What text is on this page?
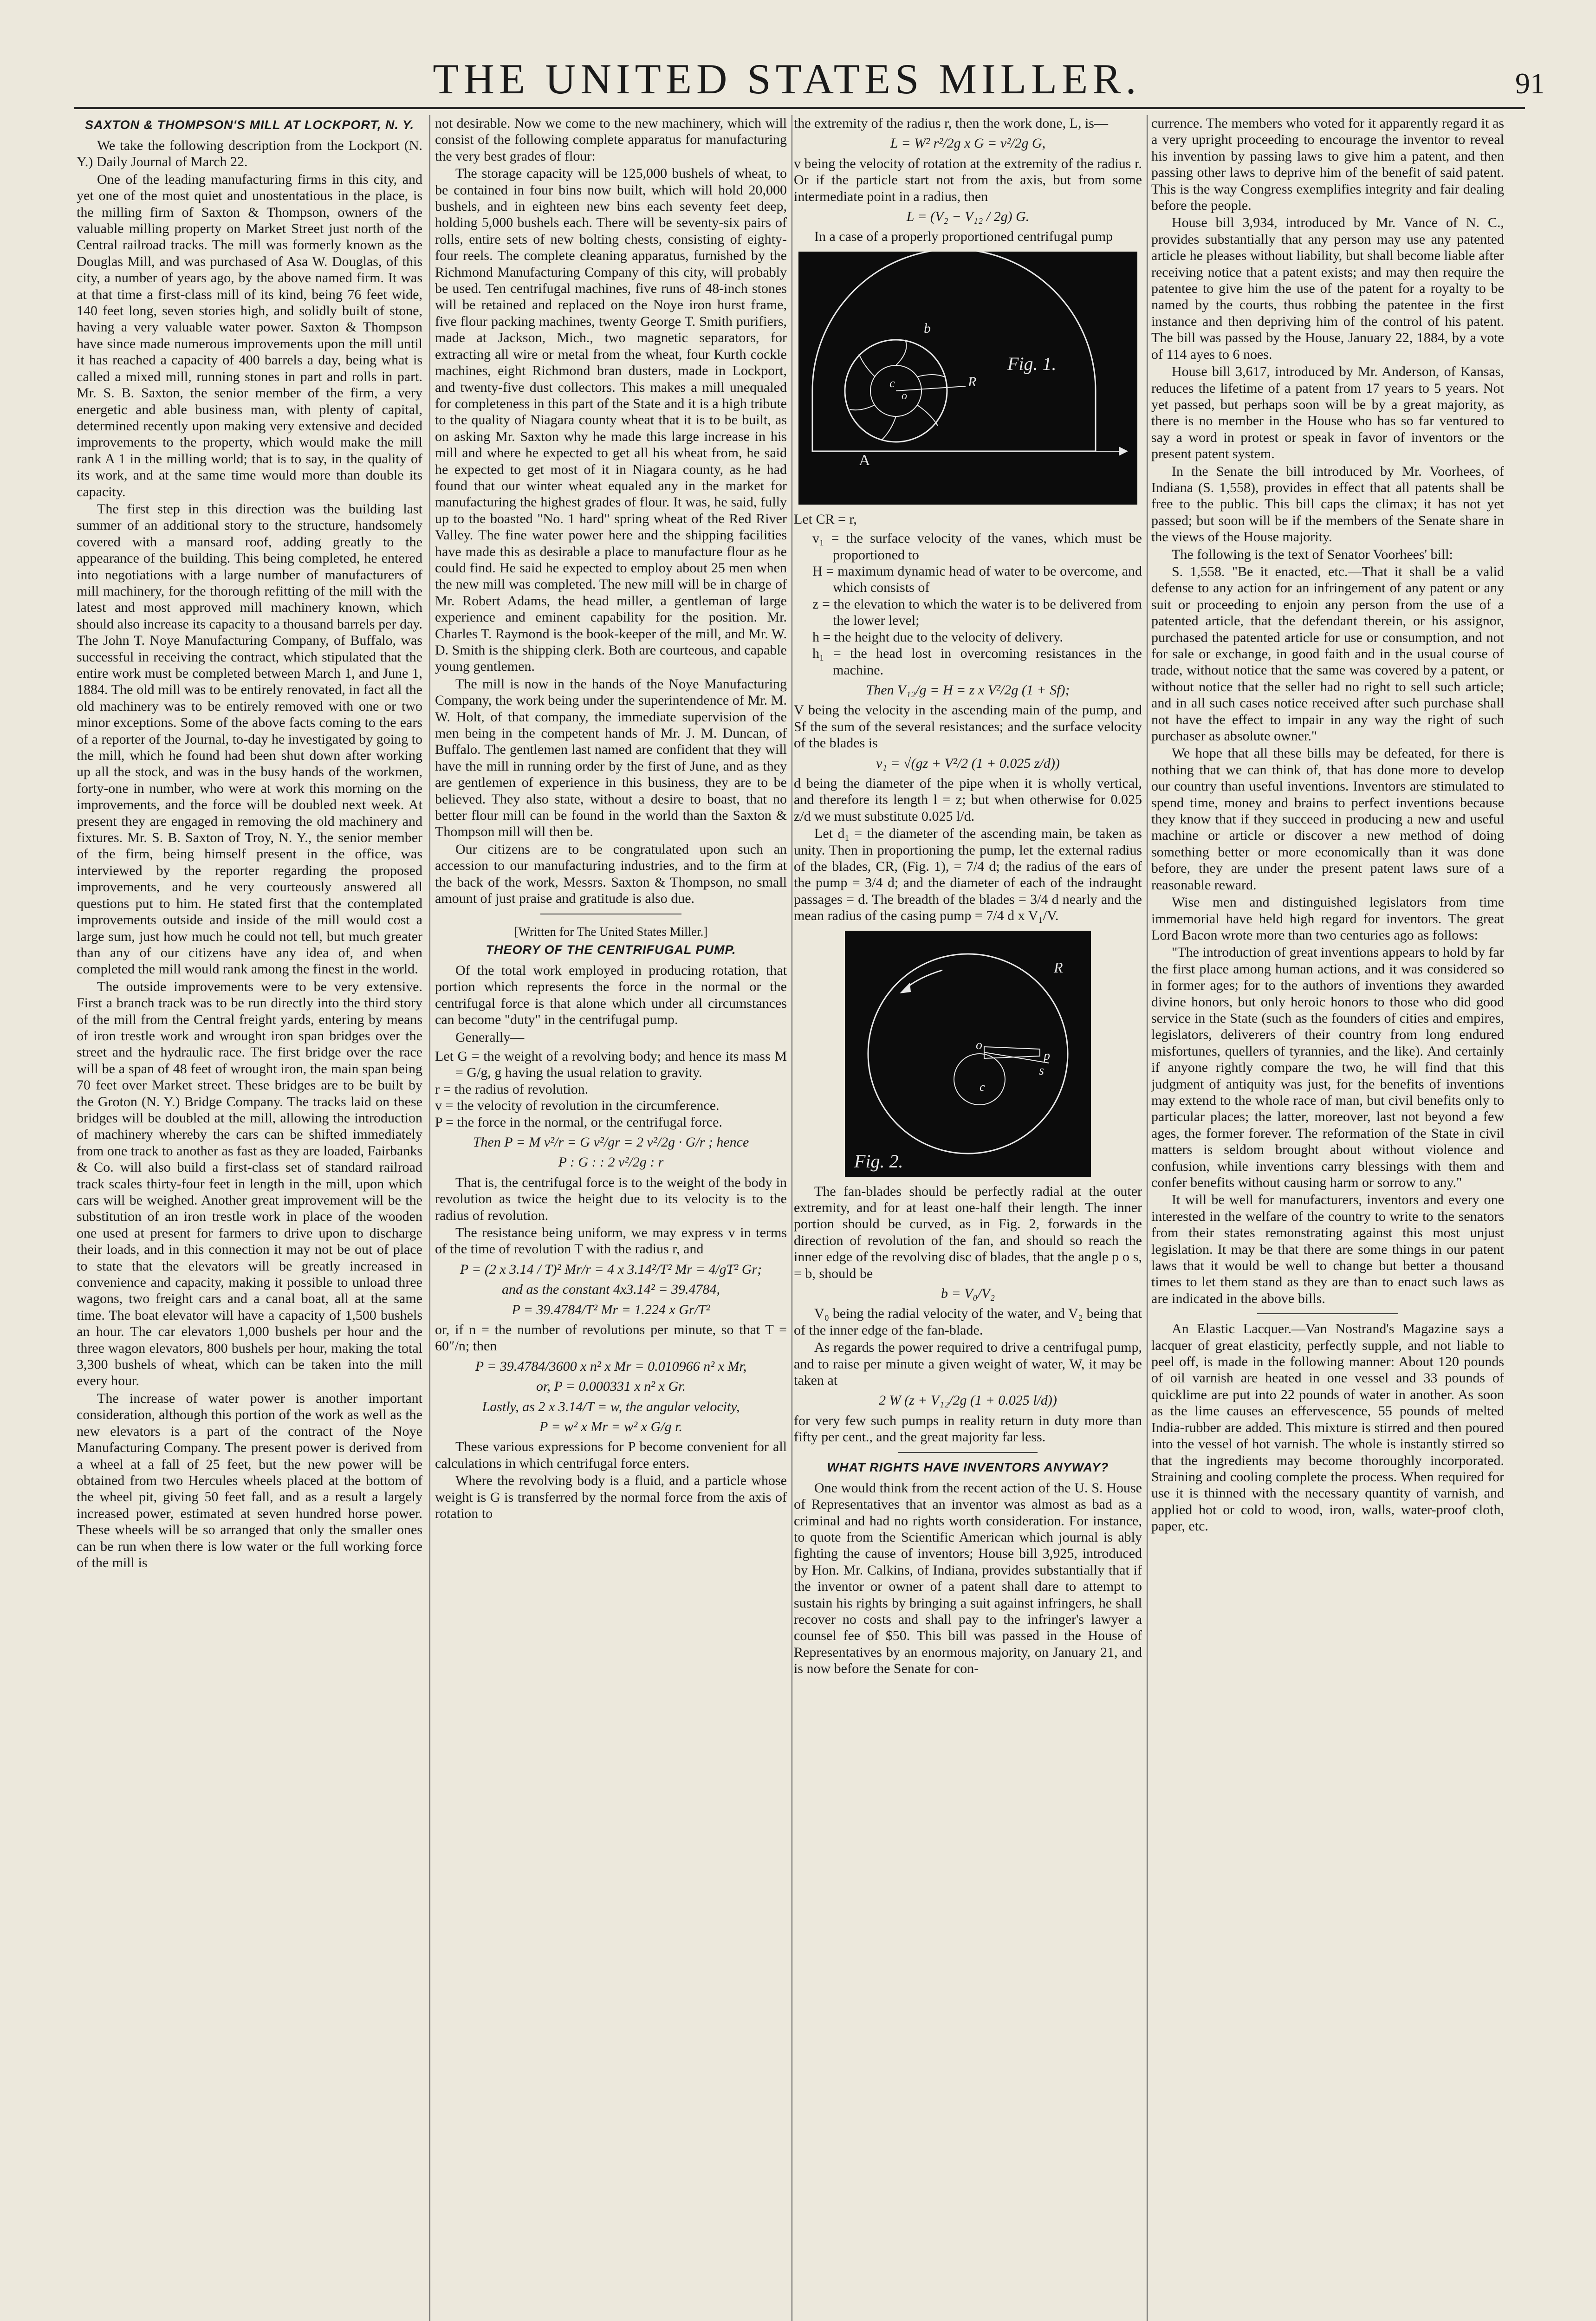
THE UNITED STATES MILLER.	91
SAXTON & THOMPSON'S MILL AT LOCKPORT, N. Y.

We take the following description from the Lockport (N. Y.) Daily Journal of March 22.

One of the leading manufacturing firms in this city, and yet one of the most quiet and unostentatious in the place, is the milling firm of Saxton & Thompson, owners of the valuable milling property on Market Street just north of the Central railroad tracks. The mill was formerly known as the Douglas Mill, and was purchased of Asa W. Douglas, of this city, a number of years ago, by the above named firm. It was at that time a first-class mill of its kind, being 76 feet wide, 140 feet long, seven stories high, and solidly built of stone, having a very valuable water power. Saxton & Thompson have since made numerous improvements upon the mill until it has reached a capacity of 400 barrels a day, being what is called a mixed mill, running stones in part and rolls in part. Mr. S. B. Saxton, the senior member of the firm, a very energetic and able business man, with plenty of capital, determined recently upon making very extensive and decided improvements to the property, which would make the mill rank A 1 in the milling world; that is to say, in the quality of its work, and at the same time would more than double its capacity.

The first step in this direction was the building last summer of an additional story to the structure, handsomely covered with a mansard roof, adding greatly to the appearance of the building. This being completed, he entered into negotiations with a large number of manufacturers of mill machinery, for the thorough refitting of the mill with the latest and most approved mill machinery known, which should also increase its capacity to a thousand barrels per day. The John T. Noye Manufacturing Company, of Buffalo, was successful in receiving the contract, which stipulated that the entire work must be completed between March 1, and June 1, 1884. The old mill was to be entirely renovated, in fact all the old machinery was to be entirely removed with one or two minor exceptions. Some of the above facts coming to the ears of a reporter of the Journal, to-day he investigated by going to the mill, which he found had been shut down after working up all the stock, and was in the busy hands of the workmen, forty-one in number, who were at work this morning on the improvements, and the force will be doubled next week. At present they are engaged in removing the old machinery and fixtures. Mr. S. B. Saxton of Troy, N. Y., the senior member of the firm, being himself present in the office, was interviewed by the reporter regarding the proposed improvements, and he very courteously answered all questions put to him. He stated first that the contemplated improvements outside and inside of the mill would cost a large sum, just how much he could not tell, but much greater than any of our citizens have any idea of, and when completed the mill would rank among the finest in the world.

The outside improvements were to be very extensive. First a branch track was to be run directly into the third story of the mill from the Central freight yards, entering by means of iron trestle work and wrought iron span bridges over the street and the hydraulic race. The first bridge over the race will be a span of 48 feet of wrought iron, the main span being 70 feet over Market street. These bridges are to be built by the Groton (N. Y.) Bridge Company. The tracks laid on these bridges will be doubled at the mill, allowing the introduction of machinery whereby the cars can be shifted immediately from one track to another as fast as they are loaded, Fairbanks & Co. will also build a first-class set of standard railroad track scales thirty-four feet in length in the mill, upon which cars will be weighed. Another great improvement will be the substitution of an iron trestle work in place of the wooden one used at present for farmers to drive upon to discharge their loads, and in this connection it may not be out of place to state that the elevators will be greatly increased in convenience and capacity, making it possible to unload three wagons, two freight cars and a canal boat, all at the same time. The boat elevator will have a capacity of 1,500 bushels an hour. The car elevators 1,000 bushels per hour and the three wagon elevators, 800 bushels per hour, making the total 3,300 bushels of wheat, which can be taken into the mill every hour.

The increase of water power is another important consideration, although this portion of the work as well as the new elevators is a part of the contract of the Noye Manufacturing Company. The present power is derived from a wheel at a fall of 25 feet, but the new power will be obtained from two Hercules wheels placed at the bottom of the wheel pit, giving 50 feet fall, and as a result a largely increased power, estimated at seven hundred horse power. These wheels will be so arranged that only the smaller ones can be run when there is low water or the full working force of the mill is

not desirable. Now we come to the new machinery, which will consist of the following complete apparatus for manufacturing the very best grades of flour:

The storage capacity will be 125,000 bushels of wheat, to be contained in four bins now built, which will hold 20,000 bushels, and in eighteen new bins each seventy feet deep, holding 5,000 bushels each. There will be seventy-six pairs of rolls, entire sets of new bolting chests, consisting of eighty-four reels. The complete cleaning apparatus, furnished by the Richmond Manufacturing Company of this city, will probably be used. Ten centrifugal machines, five runs of 48-inch stones will be retained and replaced on the Noye iron hurst frame, five flour packing machines, twenty George T. Smith purifiers, made at Jackson, Mich., two magnetic separators, for extracting all wire or metal from the wheat, four Kurth cockle machines, eight Richmond bran dusters, made in Lockport, and twenty-five dust collectors. This makes a mill unequaled for completeness in this part of the State and it is a high tribute to the quality of Niagara county wheat that it is to be built, as on asking Mr. Saxton why he made this large increase in his mill and where he expected to get all his wheat from, he said he expected to get most of it in Niagara county, as he had found that our winter wheat equaled any in the market for manufacturing the highest grades of flour. It was, he said, fully up to the boasted "No. 1 hard" spring wheat of the Red River Valley. The fine water power here and the shipping facilities have made this as desirable a place to manufacture flour as he could find. He said he expected to employ about 25 men when the new mill was completed. The new mill will be in charge of Mr. Robert Adams, the head miller, a gentleman of large experience and eminent capability for the position. Mr. Charles T. Raymond is the book-keeper of the mill, and Mr. W. D. Smith is the shipping clerk. Both are courteous, and capable young gentlemen.

The mill is now in the hands of the Noye Manufacturing Company, the work being under the superintendence of Mr. M. W. Holt, of that company, the immediate supervision of the men being in the competent hands of Mr. J. M. Duncan, of Buffalo. The gentlemen last named are confident that they will have the mill in running order by the first of June, and as they are gentlemen of experience in this business, they are to be believed. They also state, without a desire to boast, that no better flour mill can be found in the world than the Saxton & Thompson mill will then be.

Our citizens are to be congratulated upon such an accession to our manufacturing industries, and to the firm at the back of the work, Messrs. Saxton & Thompson, no small amount of just praise and gratitude is also due.

[Written for The United States Miller.]
THEORY OF THE CENTRIFUGAL PUMP.

Of the total work employed in producing rotation, that portion which represents the force in the normal or the centrifugal force is that alone which under all circumstances can become "duty" in the centrifugal pump.

Generally—

Let G = the weight of a revolving body; and hence its mass M = G/g, g having the usual relation to gravity.
r = the radius of revolution.
v = the velocity of revolution in the circumference.
P = the force in the normal, or the centrifugal force.
Then P = M v²/r = G v²/gr = 2 v²/2g · G/r ; hence
P : G : : 2 v²/2g : r

That is, the centrifugal force is to the weight of the body in revolution as twice the height due to its velocity is to the radius of revolution.

The resistance being uniform, we may express v in terms of the time of revolution T with the radius r, and

P = (2 x 3.14 / T)² Mr/r = 4 x 3.14²/T² Mr = 4/gT² Gr;
and as the constant 4x3.14² = 39.4784,
P = 39.4784/T² Mr = 1.224 x Gr/T²

or, if n = the number of revolutions per minute, so that T = 60″/n; then

P = 39.4784/3600 x n² x Mr = 0.010966 n² x Mr,
or, P = 0.000331 x n² x Gr.
Lastly, as 2 x 3.14/T = w, the angular velocity,
P = w² x Mr = w² x G/g r.

These various expressions for P become convenient for all calculations in which centrifugal force enters.

Where the revolving body is a fluid, and a particle whose weight is G is transferred by the normal force from the axis of rotation to

the extremity of the radius r, then the work done, L, is—

L = W² r²/2g x G = v²/2g G,

v being the velocity of rotation at the extremity of the radius r. Or if the particle start not from the axis, but from some intermediate point in a radius, then

L = (V₂ − V₁₂ / 2g) G.

In a case of a properly proportioned centrifugal pump

Fig. 1.
A
b
R
c
o

Let CR = r,

v₁ = the surface velocity of the vanes, which must be proportioned to
H = maximum dynamic head of water to be overcome, and which consists of
z = the elevation to which the water is to be delivered from the lower level;
h = the height due to the velocity of delivery.
h₁ = the head lost in overcoming resistances in the machine.
Then V₁₂/g = H = z x V²/2g (1 + Sf);

V being the velocity in the ascending main of the pump, and Sf the sum of the several resistances; and the surface velocity of the blades is

v₁ = √(gz + V²/2 (1 + 0.025 z/d))

d being the diameter of the pipe when it is wholly vertical, and therefore its length l = z; but when otherwise for 0.025 z/d we must substitute 0.025 l/d.

Let d₁ = the diameter of the ascending main, be taken as unity. Then in proportioning the pump, let the external radius of the blades, CR, (Fig. 1), = 7/4 d; the radius of the ears of the pump = 3/4 d; and the diameter of each of the indraught passages = d. The breadth of the blades = 3/4 d nearly and the mean radius of the casing pump = 7/4 d x V₁/V.

R
o
p
s
c
Fig. 2.

The fan-blades should be perfectly radial at the outer extremity, and for at least one-half their length. The inner portion should be curved, as in Fig. 2, forwards in the direction of revolution of the fan, and should so reach the inner edge of the revolving disc of blades, that the angle p o s, = b, should be

b = V₀/V₂

V₀ being the radial velocity of the water, and V₂ being that of the inner edge of the fan-blade.

As regards the power required to drive a centrifugal pump, and to raise per minute a given weight of water, W, it may be taken at

2 W (z + V₁₂/2g (1 + 0.025 l/d))

for very few such pumps in reality return in duty more than fifty per cent., and the great majority far less.

WHAT RIGHTS HAVE INVENTORS ANYWAY?

One would think from the recent action of the U. S. House of Representatives that an inventor was almost as bad as a criminal and had no rights worth consideration. For instance, to quote from the Scientific American which journal is ably fighting the cause of inventors; House bill 3,925, introduced by Hon. Mr. Calkins, of Indiana, provides substantially that if the inventor or owner of a patent shall dare to attempt to sustain his rights by bringing a suit against infringers, he shall recover no costs and shall pay to the infringer's lawyer a counsel fee of $50. This bill was passed in the House of Representatives by an enormous majority, on January 21, and is now before the Senate for con-

currence. The members who voted for it apparently regard it as a very upright proceeding to encourage the inventor to reveal his invention by passing laws to give him a patent, and then passing other laws to deprive him of the benefit of said patent. This is the way Congress exemplifies integrity and fair dealing before the people.

House bill 3,934, introduced by Mr. Vance of N. C., provides substantially that any person may use any patented article he pleases without liability, but shall become liable after receiving notice that a patent exists; and may then require the patentee to give him the use of the patent for a royalty to be named by the courts, thus robbing the patentee in the first instance and then depriving him of the control of his patent. The bill was passed by the House, January 22, 1884, by a vote of 114 ayes to 6 noes.

House bill 3,617, introduced by Mr. Anderson, of Kansas, reduces the lifetime of a patent from 17 years to 5 years. Not yet passed, but perhaps soon will be by a great majority, as there is no member in the House who has so far ventured to say a word in protest or speak in favor of inventors or the present patent system.

In the Senate the bill introduced by Mr. Voorhees, of Indiana (S. 1,558), provides in effect that all patents shall be free to the public. This bill caps the climax; it has not yet passed; but soon will be if the members of the Senate share in the views of the House majority.

The following is the text of Senator Voorhees' bill:

S. 1,558. "Be it enacted, etc.—That it shall be a valid defense to any action for an infringement of any patent or any suit or proceeding to enjoin any person from the use of a patented article, that the defendant therein, or his assignor, purchased the patented article for use or consumption, and not for sale or exchange, in good faith and in the usual course of trade, without notice that the same was covered by a patent, or without notice that the seller had no right to sell such article; and in all such cases notice received after such purchase shall not have the effect to impair in any way the right of such purchaser as absolute owner."

We hope that all these bills may be defeated, for there is nothing that we can think of, that has done more to develop our country than useful inventions. Inventors are stimulated to spend time, money and brains to perfect inventions because they know that if they succeed in producing a new and useful machine or article or discover a new method of doing something better or more economically than it was done before, they are under the present patent laws sure of a reasonable reward.

Wise men and distinguished legislators from time immemorial have held high regard for inventors. The great Lord Bacon wrote more than two centuries ago as follows:

"The introduction of great inventions appears to hold by far the first place among human actions, and it was considered so in former ages; for to the authors of inventions they awarded divine honors, but only heroic honors to those who did good service in the State (such as the founders of cities and empires, legislators, deliverers of their country from long endured misfortunes, quellers of tyrannies, and the like). And certainly if anyone rightly compare the two, he will find that this judgment of antiquity was just, for the benefits of inventions may extend to the whole race of man, but civil benefits only to particular places; the latter, moreover, last not beyond a few ages, the former forever. The reformation of the State in civil matters is seldom brought about without violence and confusion, while inventions carry blessings with them and confer benefits without causing harm or sorrow to any."

It will be well for manufacturers, inventors and every one interested in the welfare of the country to write to the senators from their states remonstrating against this most unjust legislation. It may be that there are some things in our patent laws that it would be well to change but better a thousand times to let them stand as they are than to enact such laws as are indicated in the above bills.

An Elastic Lacquer.—Van Nostrand's Magazine says a lacquer of great elasticity, perfectly supple, and not liable to peel off, is made in the following manner: About 120 pounds of oil varnish are heated in one vessel and 33 pounds of quicklime are put into 22 pounds of water in another. As soon as the lime causes an effervescence, 55 pounds of melted India-rubber are added. This mixture is stirred and then poured into the vessel of hot varnish. The whole is instantly stirred so that the ingredients may become thoroughly incorporated. Straining and cooling complete the process. When required for use it is thinned with the necessary quantity of varnish, and applied hot or cold to wood, iron, walls, water-proof cloth, paper, etc.
